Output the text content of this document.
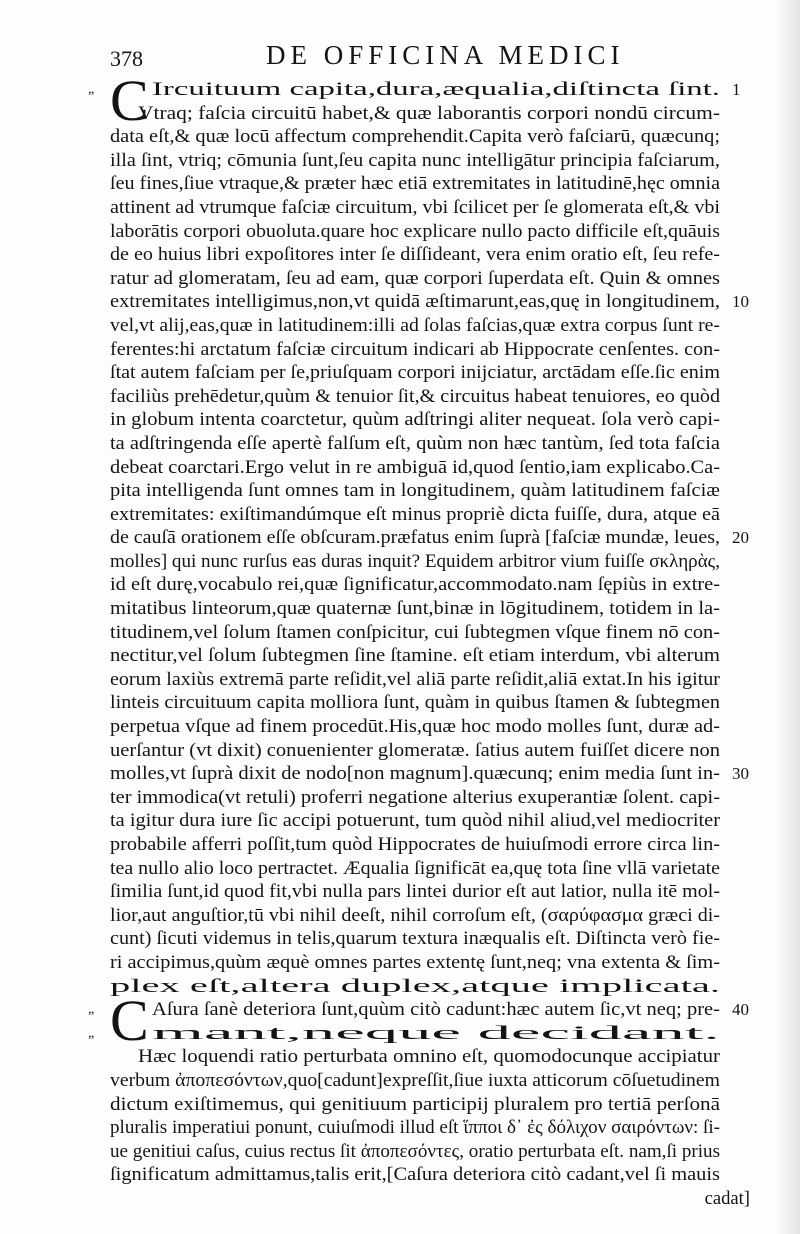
378	DE OFFICINA MEDICI
„ C Ircuituum capita,dura,æqualia,diſtincta ſint. 1
Vtraq; faſcia circuitū habet,& quæ laborantis corpori nondū circum-
data eſt,& quæ locū affectum comprehendit.Capita verò faſciarū, quæcunq;
illa ſint, vtriq; cōmunia ſunt,ſeu capita nunc intelligātur principia faſciarum,
ſeu fines,ſiue vtraque,& præter hæc etiā extremitates in latitudinē,hęc omnia
attinent ad vtrumque faſciæ circuitum, vbi ſcilicet per ſe glomerata eſt,& vbi
laborātis corpori obuoluta.quare hoc explicare nullo pacto difficile eſt,quāuis
de eo huius libri expoſitores inter ſe diſſideant, vera enim oratio eſt, ſeu refe-
ratur ad glomeratam, ſeu ad eam, quæ corpori ſuperdata eſt. Quin & omnes
extremitates intelligimus,non,vt quidā æſtimarunt,eas,quę in longitudinem, 10
vel,vt alij,eas,quæ in latitudinem:illi ad ſolas faſcias,quæ extra corpus ſunt re-
ferentes:hi arctatum faſciæ circuitum indicari ab Hippocrate cenſentes. con-
ſtat autem faſciam per ſe,priuſquam corpori inijciatur, arctādam eſſe.ſic enim
faciliùs prehēdetur,quùm & tenuior ſit,& circuitus habeat tenuiores, eo quòd
in globum intenta coarctetur, quùm adſtringi aliter nequeat. ſola verò capi-
ta adſtringenda eſſe apertè falſum eſt, quùm non hæc tantùm, ſed tota faſcia
debeat coarctari.Ergo velut in re ambiguā id,quod ſentio,iam explicabo.Ca-
pita intelligenda ſunt omnes tam in longitudinem, quàm latitudinem faſciæ
extremitates: exiſtimandúmque eſt minus propriè dicta fuiſſe, dura, atque eā
de cauſā orationem eſſe obſcuram.præfatus enim ſuprà [faſciæ mundæ, leues, 20
molles] qui nunc rurſus eas duras inquit? Equidem arbitror vium fuiſſe σκληρὰς,
id eſt durę,vocabulo rei,quæ ſignificatur,accommodato.nam ſępiùs in extre-
mitatibus linteorum,quæ quaternæ ſunt,binæ in lōgitudinem, totidem in la-
titudinem,vel ſolum ſtamen conſpicitur, cui ſubtegmen vſque finem nō con-
nectitur,vel ſolum ſubtegmen ſine ſtamine. eſt etiam interdum, vbi alterum
eorum laxiùs extremā parte reſidit,vel aliā parte reſidit,aliā extat.In his igitur
linteis circuituum capita molliora ſunt, quàm in quibus ſtamen & ſubtegmen
perpetua vſque ad finem procedūt.His,quæ hoc modo molles ſunt, duræ ad-
uerſantur (vt dixit) conuenienter glomeratæ. ſatius autem fuiſſet dicere non
molles,vt ſuprà dixit de nodo[non magnum].quæcunq; enim media ſunt in- 30
ter immodica(vt retuli) proferri negatione alterius exuperantiæ ſolent. capi-
ta igitur dura iure ſic accipi potuerunt, tum quòd nihil aliud,vel mediocriter
probabile afferri poſſit,tum quòd Hippocrates de huiuſmodi errore circa lin-
tea nullo alio loco pertractet. Æqualia ſignificāt ea,quę tota ſine vllā varietate
ſimilia ſunt,id quod fit,vbi nulla pars lintei durior eſt aut latior, nulla itē mol-
lior,aut anguſtior,tū vbi nihil deeſt, nihil corroſum eſt, (σαρύφασμα græci di-
cunt) ſicuti videmus in telis,quarum textura inæqualis eſt. Diſtincta verò fie-
ri accipimus,quùm æquè omnes partes extentę ſunt,neq; vna extenta & ſim-
plex eſt,altera duplex,atque implicata.
„ C Aſura ſanè deteriora ſunt,quùm citò cadunt:hæc autem ſic,vt neq; pre- 40
„	mant,neque decidant.
Hæc loquendi ratio perturbata omnino eſt, quomodocunque accipiatur
verbum ἀποπεσόντων,quo[cadunt]expreſſit,ſiue iuxta atticorum cōſuetudinem
dictum exiſtimemus, qui genitiuum participij pluralem pro tertiā perſonā
pluralis imperatiui ponunt, cuiuſmodi illud eſt ἵπποι δ᾽ ἐς δόλιχον σαιρόντων: ſi-
ue genitiui caſus, cuius rectus ſit ἀποπεσόντες, oratio perturbata eſt. nam,ſi prius
ſignificatum admittamus,talis erit,[Caſura deteriora citò cadant,vel ſi mauis
cadat]
